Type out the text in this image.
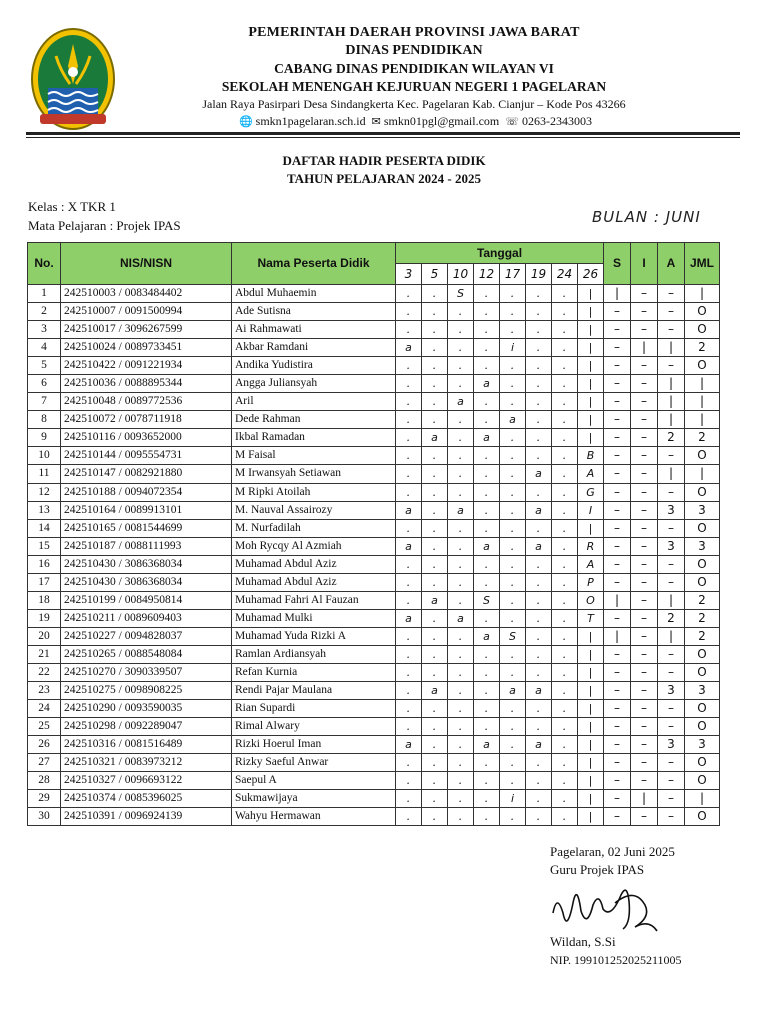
PEMERINTAH DAERAH PROVINSI JAWA BARAT
DINAS PENDIDIKAN
CABANG DINAS PENDIDIKAN WILAYAN VI
SEKOLAH MENENGAH KEJURUAN NEGERI 1 PAGELARAN
Jalan Raya Pasirpari Desa Sindangkerta Kec. Pagelaran Kab. Cianjur – Kode Pos 43266
🌐 smkn1pagelaran.sch.id ✉ smkn01pgl@gmail.com ☏ 0263-2343003
DAFTAR HADIR PESERTA DIDIK
TAHUN PELAJARAN 2024 - 2025
Kelas : X TKR 1
Mata Pelajaran : Projek IPAS	BULAN : JUNI
No.	NIS/NISN	Nama Peserta Didik	Tanggal								S	I	A	JML
			3	5	10	12	17	19	24	26				
1	242510003 / 0083484402	Abdul Muhaemin	.	.	S	.	.	.	.	|	|	–	–	|
2	242510007 / 0091500994	Ade Sutisna	.	.	.	.	.	.	.	|	–	–	–	O
3	242510017 / 3096267599	Ai Rahmawati	.	.	.	.	.	.	.	|	–	–	–	O
4	242510024 / 0089733451	Akbar Ramdani	a	.	.	.	i	.	.	|	–	|	|	2
5	242510422 / 0091221934	Andika Yudistira	.	.	.	.	.	.	.	|	–	–	–	O
6	242510036 / 0088895344	Angga Juliansyah	.	.	.	a	.	.	.	|	–	–	|	|
7	242510048 / 0089772536	Aril	.	.	a	.	.	.	.	|	–	–	|	|
8	242510072 / 0078711918	Dede Rahman	.	.	.	.	a	.	.	|	–	–	|	|
9	242510116 / 0093652000	Ikbal Ramadan	.	a	.	a	.	.	.	|	–	–	2	2
10	242510144 / 0095554731	M Faisal	.	.	.	.	.	.	.	B	–	–	–	O
11	242510147 / 0082921880	M Irwansyah Setiawan	.	.	.	.	.	a	.	A	–	–	|	|
12	242510188 / 0094072354	M Ripki Atoilah	.	.	.	.	.	.	.	G	–	–	–	O
13	242510164 / 0089913101	M. Nauval Assairozy	a	.	a	.	.	a	.	I	–	–	3	3
14	242510165 / 0081544699	M. Nurfadilah	.	.	.	.	.	.	.	|	–	–	–	O
15	242510187 / 0088111993	Moh Rycqy Al Azmiah	a	.	.	a	.	a	.	R	–	–	3	3
16	242510430 / 3086368034	Muhamad Abdul Aziz	.	.	.	.	.	.	.	A	–	–	–	O
17	242510430 / 3086368034	Muhamad Abdul Aziz	.	.	.	.	.	.	.	P	–	–	–	O
18	242510199 / 0084950814	Muhamad Fahri Al Fauzan	.	a	.	S	.	.	.	O	|	–	|	2
19	242510211 / 0089609403	Muhamad Mulki	a	.	a	.	.	.	.	T	–	–	2	2
20	242510227 / 0094828037	Muhamad Yuda Rizki A	.	.	.	a	S	.	.	|	|	–	|	2
21	242510265 / 0088548084	Ramlan Ardiansyah	.	.	.	.	.	.	.	|	–	–	–	O
22	242510270 / 3090339507	Refan Kurnia	.	.	.	.	.	.	.	|	–	–	–	O
23	242510275 / 0098908225	Rendi Pajar Maulana	.	a	.	.	a	a	.	|	–	–	3	3
24	242510290 / 0093590035	Rian Supardi	.	.	.	.	.	.	.	|	–	–	–	O
25	242510298 / 0092289047	Rimal Alwary	.	.	.	.	.	.	.	|	–	–	–	O
26	242510316 / 0081516489	Rizki Hoerul Iman	a	.	.	a	.	a	.	|	–	–	3	3
27	242510321 / 0083973212	Rizky Saeful Anwar	.	.	.	.	.	.	.	|	–	–	–	O
28	242510327 / 0096693122	Saepul A	.	.	.	.	.	.	.	|	–	–	–	O
29	242510374 / 0085396025	Sukmawijaya	.	.	.	.	i	.	.	|	–	|	–	|
30	242510391 / 0096924139	Wahyu Hermawan	.	.	.	.	.	.	.	|	–	–	–	O
Pagelaran, 02 Juni 2025
Guru Projek IPAS
Wildan, S.Si
NIP. 199101252025211005
